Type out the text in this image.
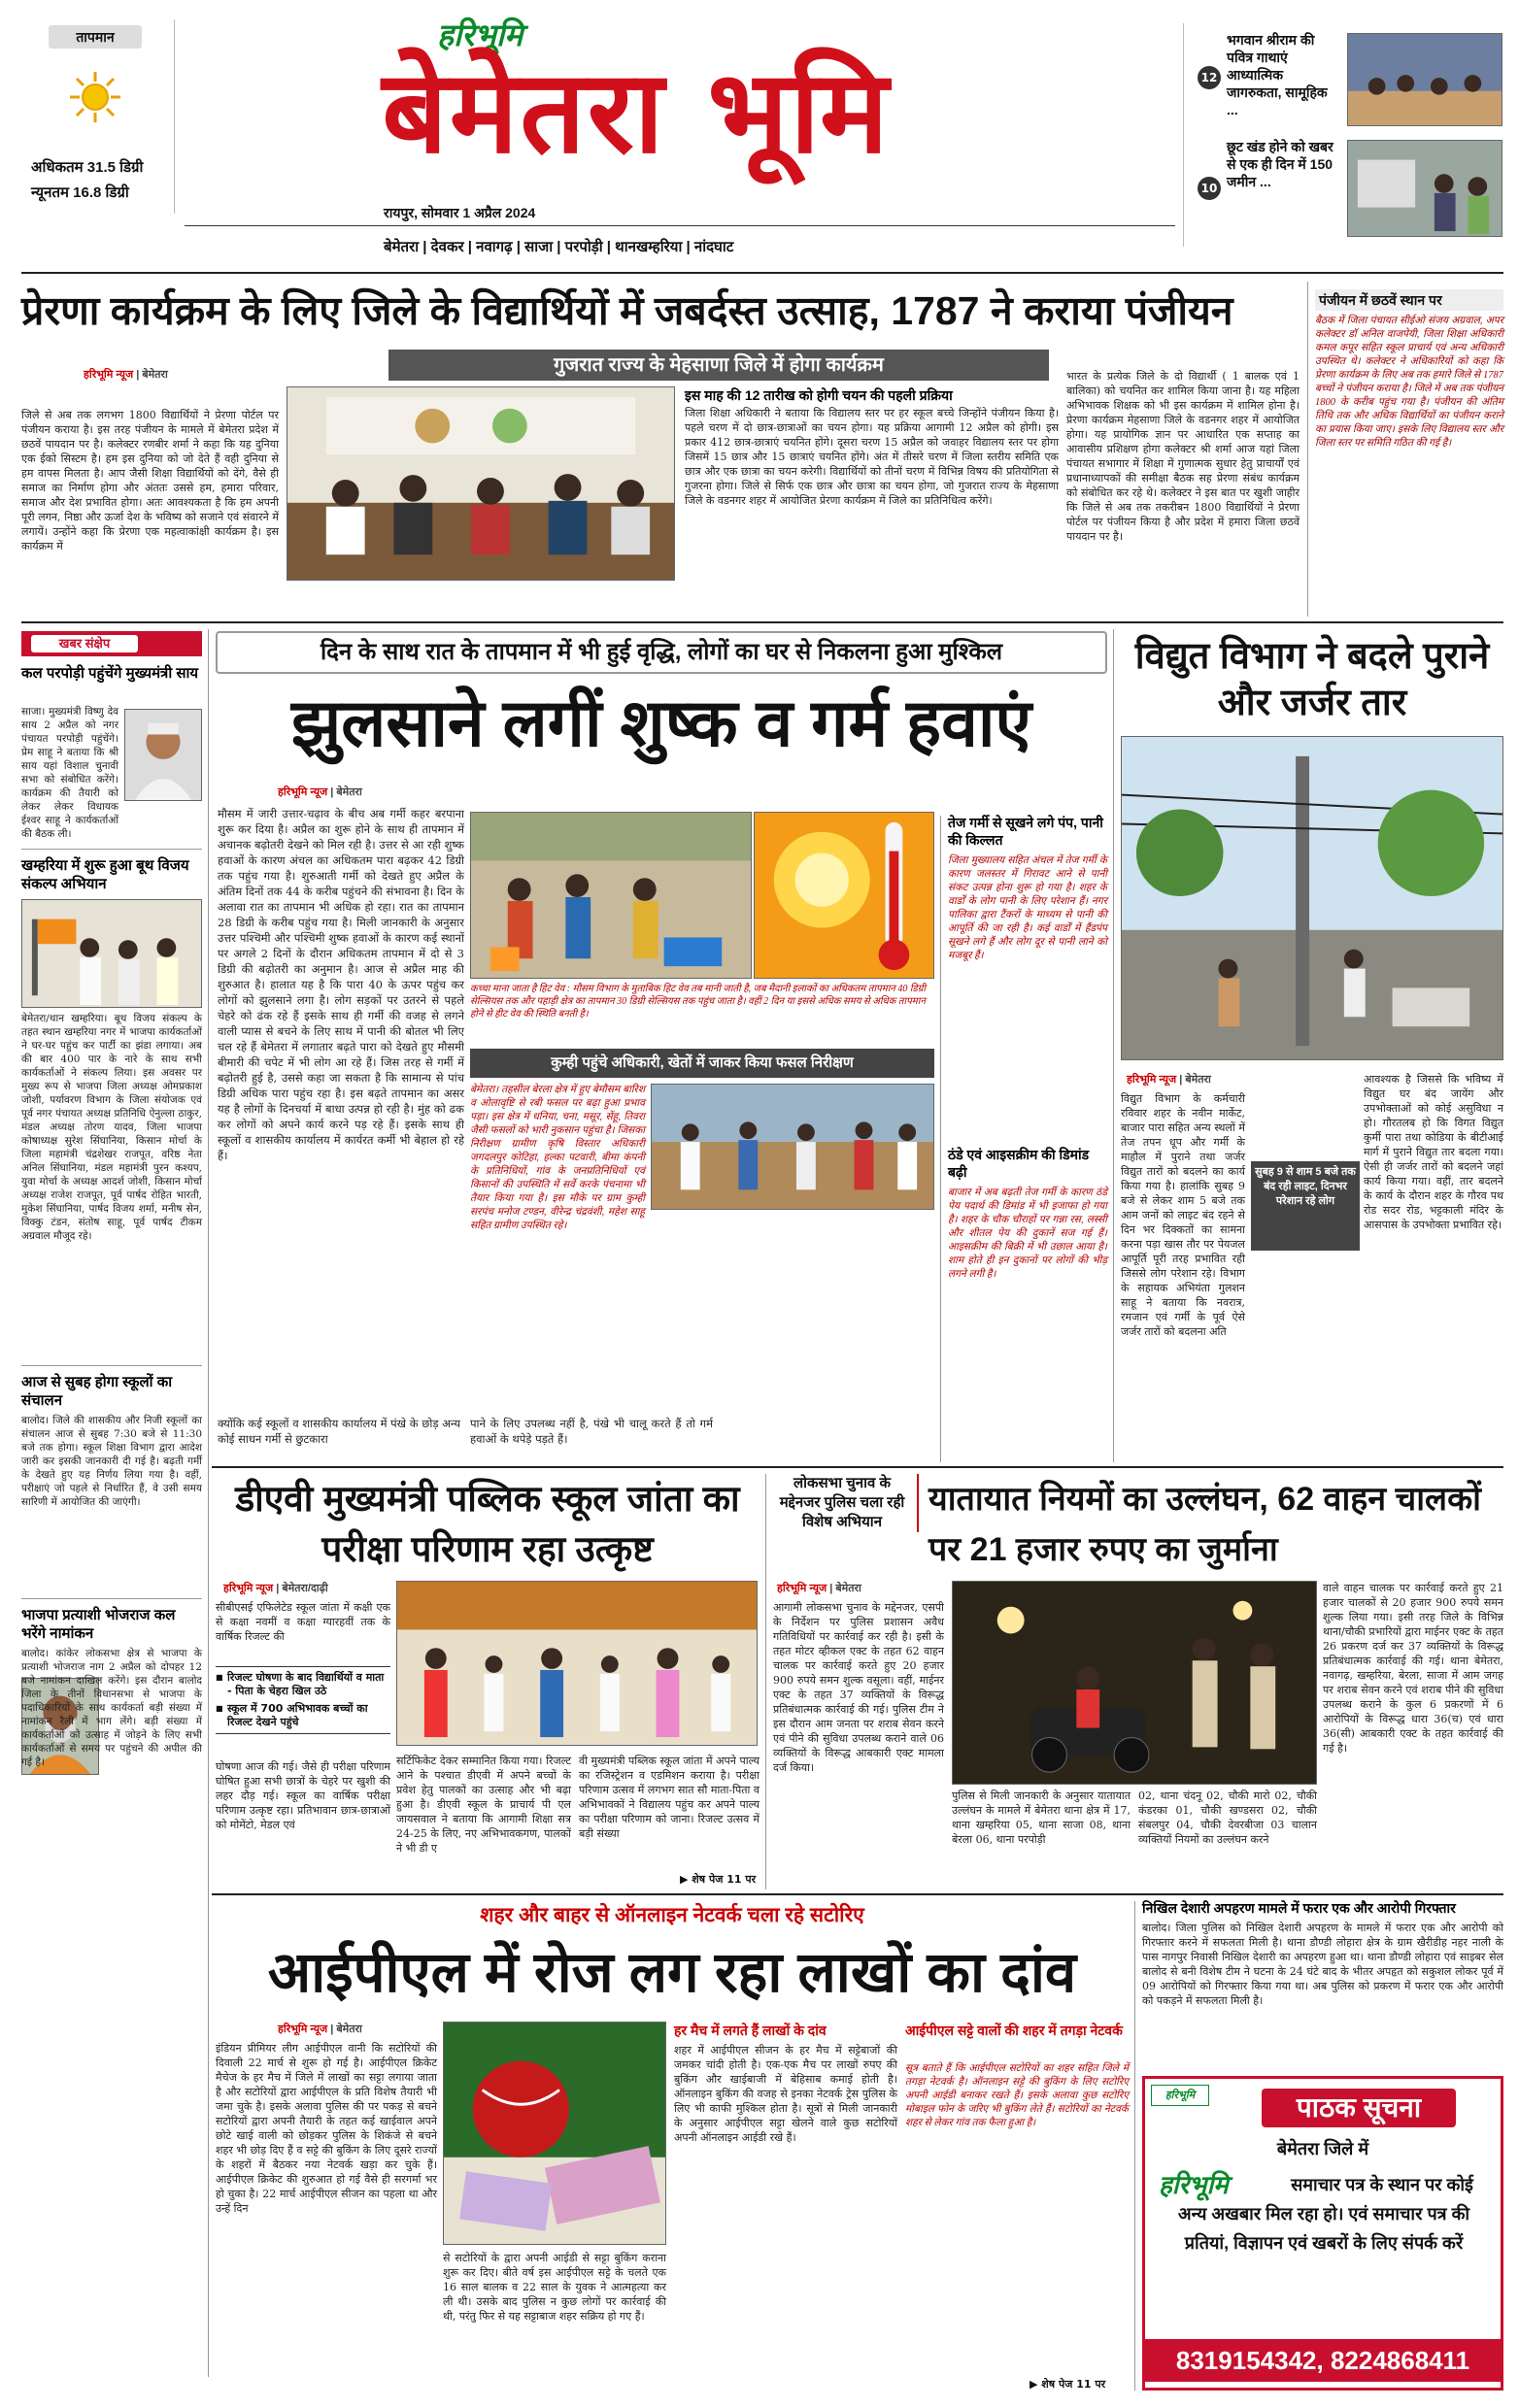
तापमान
अधिकतम 31.5 डिग्री
न्यूनतम 16.8 डिग्री
हरिभूमि
बेमेतरा भूमि
रायपुर, सोमवार 1 अप्रैल 2024
बेमेतरा | देवकर | नवागढ़ | साजा | परपोड़ी | थानखम्हरिया | नांदघाट
12
भगवान श्रीराम की पवित्र गाथाएं आध्यात्मिक जागरुकता, सामूहिक ...
10
छूट खंड होने को खबर से एक ही दिन में 150 जमीन ...
प्रेरणा कार्यक्रम के लिए जिले के विद्यार्थियों में जबर्दस्त उत्साह, 1787 ने कराया पंजीयन
गुजरात राज्य के मेहसाणा जिले में होगा कार्यक्रम
हरिभूमि न्यूज | बेमेतरा
जिले से अब तक लगभग 1800 विद्यार्थियों ने प्रेरणा पोर्टल पर पंजीयन कराया है। इस तरह पंजीयन के मामले में बेमेतरा प्रदेश में छठवें पायदान पर है। कलेक्टर रणबीर शर्मा ने कहा कि यह दुनिया एक ईको सिस्टम है। हम इस दुनिया को जो देते हैं वही दुनिया से हम वापस मिलता है। आप जैसी शिक्षा विद्यार्थियों को देंगे, वैसे ही समाज का निर्माण होगा और अंततः उससे हम, हमारा परिवार, समाज और देश प्रभावित होगा। अतः आवश्यकता है कि हम अपनी पूरी लगन, निष्ठा और ऊर्जा देश के भविष्य को सजाने एवं संवारने में लगायें। उन्होंने कहा कि प्रेरणा एक महत्वाकांक्षी कार्यक्रम है। इस कार्यक्रम में
इस माह की 12 तारीख को होगी चयन की पहली प्रक्रिया
जिला शिक्षा अधिकारी ने बताया कि विद्यालय स्तर पर हर स्कूल बच्चे जिन्होंने पंजीयन किया है। पहले चरण में दो छात्र-छात्राओं का चयन होगा। यह प्रक्रिया आगामी 12 अप्रैल को होगी। इस प्रकार 412 छात्र-छात्राएं चयनित होंगे। दूसरा चरण 15 अप्रैल को जवाहर विद्यालय स्तर पर होगा जिसमें 15 छात्र और 15 छात्राएं चयनित होंगे। अंत में तीसरे चरण में जिला स्तरीय समिति एक छात्र और एक छात्रा का चयन करेगी। विद्यार्थियों को तीनों चरण में विभिन्न विषय की प्रतियोगिता से गुजरना होगा। जिले से सिर्फ एक छात्र और छात्रा का चयन होगा, जो गुजरात राज्य के मेहसाणा जिले के वडनगर शहर में आयोजित प्रेरणा कार्यक्रम में जिले का प्रतिनिधित्व करेंगे।
भारत के प्रत्येक जिले के दो विद्यार्थी ( 1 बालक एवं 1 बालिका) को चयनित कर शामिल किया जाना है। यह महिला अभिभावक शिक्षक को भी इस कार्यक्रम में शामिल होना है। प्रेरणा कार्यक्रम मेहसाणा जिले के वडनगर शहर में आयोजित होगा। यह प्रायोगिक ज्ञान पर आधारित एक सप्ताह का आवासीय प्रशिक्षण होगा कलेक्टर श्री शर्मा आज यहां जिला पंचायत सभागार में शिक्षा में गुणात्मक सुधार हेतु प्राचार्यों एवं प्रधानाध्यापकों की समीक्षा बैठक सह प्रेरणा संबंध कार्यक्रम को संबोधित कर रहे थे। कलेक्टर ने इस बात पर खुशी जाहीर कि जिले से अब तक तकरीबन 1800 विद्यार्थियों ने प्रेरणा पोर्टल पर पंजीयन किया है और प्रदेश में हमारा जिला छठवें पायदान पर है।
पंजीयन में छठवें स्थान पर
बैठक में जिला पंचायत सीईओ संजय अग्रवाल, अपर कलेक्टर डॉ अनिल वाजपेयी, जिला शिक्षा अधिकारी कमल कपूर सहित स्कूल प्राचार्य एवं अन्य अधिकारी उपस्थित थे। कलेक्टर ने अधिकारियों को कहा कि प्रेरणा कार्यक्रम के लिए अब तक हमारे जिले से 1787 बच्चों ने पंजीयन कराया है। जिले में अब तक पंजीयन 1800 के करीब पहुंच गया है। पंजीयन की अंतिम तिथि तक और अधिक विद्यार्थियों का पंजीयन कराने का प्रयास किया जाए। इसके लिए विद्यालय स्तर और जिला स्तर पर समिति गठित की गई है।
खबर संक्षेप
कल परपोड़ी पहुंचेंगे मुख्यमंत्री साय
साजा। मुख्यमंत्री विष्णु देव साय 2 अप्रैल को नगर पंचायत परपोड़ी पहुंचेंगे। प्रेम साहू ने बताया कि श्री साय यहां विशाल चुनावी सभा को संबोधित करेंगे। कार्यक्रम की तैयारी को लेकर लेकर विधायक ईश्वर साहू ने कार्यकर्ताओं की बैठक ली।
खम्हरिया में शुरू हुआ बूथ विजय संकल्प अभियान
बेमेतरा/थान खम्हरिया। बूथ विजय संकल्प के तहत स्थान खम्हरिया नगर में भाजपा कार्यकर्ताओं ने घर-घर पहुंच कर पार्टी का झंडा लगाया। अब की बार 400 पार के नारे के साथ सभी कार्यकर्ताओं ने संकल्प लिया। इस अवसर पर मुख्य रूप से भाजपा जिला अध्यक्ष ओमप्रकाश जोशी, पर्यावरण विभाग के जिला संयोजक एवं पूर्व नगर पंचायत अध्यक्ष प्रतिनिधि ऐनुल्ला ठाकुर, मंडल अध्यक्ष तोरण यादव, जिला भाजपा कोषाध्यक्ष सुरेश सिंघानिया, किसान मोर्चा के जिला महामंत्री चंद्रशेखर राजपूत, वरिष्ठ नेता अनिल सिंघानिया, मंडल महामंत्री पुरन कश्यप, युवा मोर्चा के अध्यक्ष आदर्श जोशी, किसान मोर्चा अध्यक्ष राजेश राजपूत, पूर्व पार्षद रोहित भारती, मुकेश सिंघानिया, पार्षद विजय शर्मा, मनीष सेन, विक्कु टंडन, संतोष साहू, पूर्व पार्षद टीकम अग्रवाल मौजूद रहे।
आज से सुबह होगा स्कूलों का संचालन
बालोद। जिले की शासकीय और निजी स्कूलों का संचालन आज से सुबह 7:30 बजे से 11:30 बजे तक होगा। स्कूल शिक्षा विभाग द्वारा आदेश जारी कर इसकी जानकारी दी गई है। बढ़ती गर्मी के देखते हुए यह निर्णय लिया गया है। वहीं, परीक्षाएं जो पहले से निर्धारित हैं, वे उसी समय सारिणी में आयोजित की जाएंगी।
भाजपा प्रत्याशी भोजराज कल भरेंगे नामांकन
बालोद। कांकेर लोकसभा क्षेत्र से भाजपा के प्रत्याशी भोजराज नाग 2 अप्रैल को दोपहर 12 बजे नामांकन दाखिल करेंगे। इस दौरान बालोद जिला के तीनों विधानसभा से भाजपा के पदाधिकारियों के साथ कार्यकर्ता बड़ी संख्या में नामांकन रैली में भाग लेंगे। बड़ी संख्या में कार्यकर्ताओं को उत्साह में जोड़ने के लिए सभी कार्यकर्ताओं से समय पर पहुंचने की अपील की गई है।
दिन के साथ रात के तापमान में भी हुई वृद्धि, लोगों का घर से निकलना हुआ मुश्किल
झुलसाने लगीं शुष्क व गर्म हवाएं
हरिभूमि न्यूज | बेमेतरा
मौसम में जारी उत्तार-चढ़ाव के बीच अब गर्मी कहर बरपाना शुरू कर दिया है। अप्रैल का शुरू होने के साथ ही तापमान में अचानक बढ़ोतरी देखने को मिल रही है। उत्तर से आ रही शुष्क हवाओं के कारण अंचल का अधिकतम पारा बढ़कर 42 डिग्री तक पहुंच गया है। शुरुआती गर्मी को देखते हुए अप्रैल के अंतिम दिनों तक 44 के करीब पहुंचने की संभावना है। दिन के अलावा रात का तापमान भी अधिक हो रहा। रात का तापमान 28 डिग्री के करीब पहुंच गया है। मिली जानकारी के अनुसार उत्तर पश्चिमी और पश्चिमी शुष्क हवाओं के कारण कई स्थानों पर अगले 2 दिनों के दौरान अधिकतम तापमान में दो से 3 डिग्री की बढ़ोतरी का अनुमान है। आज से अप्रैल माह की शुरुआत है। हालात यह है कि पारा 40 के ऊपर पहुंच कर लोगों को झुलसाने लगा है। लोग सड़कों पर उतरने से पहले चेहरे को ढंक रहे हैं इसके साथ ही गर्मी की वजह से लगने वाली प्यास से बचने के लिए साथ में पानी की बोतल भी लिए चल रहे हैं बेमेतरा में लगातार बढ़ते पारा को देखते हुए मौसमी बीमारी की चपेट में भी लोग आ रहे हैं। जिस तरह से गर्मी में बढ़ोतरी हुई है, उससे कहा जा सकता है कि सामान्य से पांच डिग्री अधिक पारा पहुंच रहा है। इस बढ़ते तापमान का असर यह है लोगों के दिनचर्या में बाधा उत्पन्न हो रही है। मुंह को ढक कर लोगों को अपने कार्य करने पड़ रहे हैं। इसके साथ ही स्कूलों व शासकीय कार्यालय में कार्यरत कर्मी भी बेहाल हो रहे हैं।
कच्चा माना जाता है हिट वेव : मौसम विभाग के मुताबिक हिट वेव तब मानी जाती है, जब मैदानी इलाकों का अधिकतम तापमान 40 डिग्री सेल्सियस तक और पहाड़ी क्षेत्र का तापमान 30 डिग्री सेल्सियस तक पहुंच जाता है। वहीं 2 दिन या इससे अधिक समय से अधिक तापमान होने से हीट वेव की स्थिति बनती है।
कुम्ही पहुंचे अधिकारी, खेतों में जाकर किया फसल निरीक्षण
बेमेतरा। तहसील बेरला क्षेत्र में हुए बेमौसम बारिश व ओलावृष्टि से रबी फसल पर बढ़ा हुआ प्रभाव पड़ा। इस क्षेत्र में धनिया, चना, मसूर, सेंहू, तिवरा जैसी फसलों को भारी नुकसान पहुंचा है। जिसका निरीक्षण ग्रामीण कृषि विस्तार अधिकारी जगदलपुर कोटिहा, हल्का पटवारी, बीमा कंपनी के प्रतिनिधियों, गांव के जनप्रतिनिधियों एवं किसानों की उपस्थिति में सर्वे करके पंचनामा भी तैयार किया गया है। इस मौके पर ग्राम कुम्ही सरपंच मनोज टण्डन, वीरेन्द्र चंद्रवंशी, महेश साहू सहित ग्रामीण उपस्थित रहे।
क्योंकि कई स्कूलों व शासकीय कार्यालय में पंखे के छोड़ अन्य कोई साधन गर्मी से छुटकारा
पाने के लिए उपलब्ध नहीं है, पंखे भी चालू करते हैं तो गर्म हवाओं के थपेड़े पड़ते हैं।
तेज गर्मी से सूखने लगे पंप, पानी की किल्लत
जिला मुख्यालय सहित अंचल में तेज गर्मी के कारण जलस्तर में गिरावट आने से पानी संकट उत्पन्न होना शुरू हो गया है। शहर के वार्डों के लोग पानी के लिए परेशान हैं। नगर पालिका द्वारा टैंकरों के माध्यम से पानी की आपूर्ति की जा रही है। कई वार्डों में हैंडपंप सूखने लगे हैं और लोग दूर से पानी लाने को मजबूर हैं।
ठंडे एवं आइसक्रीम की डिमांड बढ़ी
बाजार में अब बढ़ती तेज गर्मी के कारण ठंडे पेय पदार्थ की डिमांड में भी इजाफा हो गया है। शहर के चौक चौराहों पर गन्ना रस, लस्सी और शीतल पेय की दुकानें सज गई हैं। आइसक्रीम की बिक्री में भी उछाल आया है। शाम होते ही इन दुकानों पर लोगों की भीड़ लगने लगी है।
विद्युत विभाग ने बदले पुराने और जर्जर तार
हरिभूमि न्यूज | बेमेतरा
विद्युत विभाग के कर्मचारी रविवार शहर के नवीन मार्केट, बाजार पारा सहित अन्य स्थलों में तेज तपन धूप और गर्मी के माहौल में पुराने तथा जर्जर विद्युत तारों को बदलने का कार्य किया गया है। हालांकि सुबह 9 बजे से लेकर शाम 5 बजे तक आम जनों को लाइट बंद रहने से दिन भर दिक्कतों का सामना करना पड़ा खास तौर पर पेयजल आपूर्ति पूरी तरह प्रभावित रही जिससे लोग परेशान रहे। विभाग के सहायक अभियंता गुलशन साहू ने बताया कि नवरात्र, रमजान एवं गर्मी के पूर्व ऐसे जर्जर तारों को बदलना अति
सुबह 9 से शाम 5 बजे तक बंद रही लाइट, दिनभर परेशान रहे लोग
आवश्यक है जिससे कि भविष्य में विद्युत घर बंद जायेंग और उपभोक्ताओं को कोई असुविधा न हो। गौरतलब हो कि विगत विद्युत कुर्मी पारा तथा कोडिया के बीटीआई मार्ग में पुराने विद्युत तार बदला गया। ऐसी ही जर्जर तारों को बदलने जहां कार्य किया गया। वहीं, तार बदलने के कार्य के दौरान शहर के गौरव पथ रोड सदर रोड, भट्टकाली मंदिर के आसपास के उपभोक्ता प्रभावित रहे।
डीएवी मुख्यमंत्री पब्लिक स्कूल जांता का परीक्षा परिणाम रहा उत्कृष्ट
हरिभूमि न्यूज | बेमेतरा/दाढ़ी
सीबीएसई एफिलेटेड स्कूल जांता में कक्षी एक से कक्षा नवमीं व कक्षा ग्यारहवीं तक के वार्षिक रिजल्ट की
■ रिजल्ट घोषणा के बाद विद्यार्थियों व माता - पिता के चेहरा खिल उठे
■ स्कूल में 700 अभिभावक बच्चों का रिजल्ट देखने पहुंचे
घोषणा आज की गई। जैसे ही परीक्षा परिणाम घोषित हुआ सभी छात्रों के चेहरे पर खुशी की लहर दौड़ गई। स्कूल का वार्षिक परीक्षा परिणाम उत्कृष्ट रहा। प्रतिभावान छात्र-छात्राओं को मोमेंटो, मेडल एवं
सर्टिफिकेट देकर सम्मानित किया गया। रिजल्ट आने के पश्चात डीएवी में अपने बच्चों के प्रवेश हेतु पालकों का उत्साह और भी बढ़ा हुआ है। डीएवी स्कूल के प्राचार्य पी एल जायसवाल ने बताया कि आगामी शिक्षा सत्र 24-25 के लिए, नए अभिभावकगण, पालकों ने भी डी ए
वी मुख्यमंत्री पब्लिक स्कूल जांता में अपने पाल्य का रजिस्ट्रेशन व एडमिशन कराया है। परीक्षा परिणाम उत्सव में लगभग सात सौ माता-पिता व अभिभावकों ने विद्यालय पहुंच कर अपने पाल्य का परीक्षा परिणाम को जाना। रिजल्ट उत्सव में बड़ी संख्या
▶ शेष पेज 11 पर
लोकसभा चुनाव के मद्देनजर पुलिस चला रही विशेष अभियान
यातायात नियमों का उल्लंघन, 62 वाहन चालकों पर 21 हजार रुपए का जुर्माना
हरिभूमि न्यूज | बेमेतरा
आगामी लोकसभा चुनाव के मद्देनजर, एसपी के निर्देशन पर पुलिस प्रशासन अवैध गतिविधियों पर कार्रवाई कर रही है। इसी के तहत मोटर व्हीकल एक्ट के तहत 62 वाहन चालक पर कार्रवाई करते हुए 20 हजार 900 रुपये समन शुल्क वसूला। वहीं, माईनर एक्ट के तहत 37 व्यक्तियों के विरूद्ध प्रतिबंधात्मक कार्रवाई की गई। पुलिस टीम ने इस दौरान आम जनता पर शराब सेवन करने एवं पीने की सुविधा उपलब्ध कराने वाले 06 व्यक्तियों के विरूद्ध आबकारी एक्ट मामला दर्ज किया।
पुलिस से मिली जानकारी के अनुसार यातायात उल्लंघन के मामले में बेमेतरा थाना क्षेत्र में 17, थाना खम्हरिया 05, थाना साजा 08, थाना बेरला 06, थाना परपोड़ी
02, थाना चंदनू 02, चौकी मारो 02, चौकी कंडरका 01, चौकी खण्डसरा 02, चौकी संबलपुर 04, चौकी देवरबीजा 03 चालान व्यक्तियों नियमों का उल्लंघन करने
वाले वाहन चालक पर कार्रवाई करते हुए 21 हजार चालकों से 20 हजार 900 रुपये समन शुल्क लिया गया। इसी तरह जिले के विभिन्न थाना/चौकी प्रभारियों द्वारा माईनर एक्ट के तहत 26 प्रकरण दर्ज कर 37 व्यक्तियों के विरूद्ध प्रतिबंधात्मक कार्रवाई की गई। थाना बेमेतरा, नवागढ़, खम्हरिया, बेरला, साजा में आम जगह पर शराब सेवन करने एवं शराब पीने की सुविधा उपलब्ध कराने के कुल 6 प्रकरणों में 6 आरोपियों के विरूद्ध धारा 36(च) एवं धारा 36(सी) आबकारी एक्ट के तहत कार्रवाई की गई है।
शहर और बाहर से ऑनलाइन नेटवर्क चला रहे सटोरिए
आईपीएल में रोज लग रहा लाखों का दांव
हरिभूमि न्यूज | बेमेतरा
इंडियन प्रीमियर लीग आईपीएल वानी कि सटोरियों की दिवाली 22 मार्च से शुरू हो गई है। आईपीएल क्रिकेट मैचेज के हर मैच में जिले में लाखों का सट्टा लगाया जाता है और सटोरियों द्वारा आईपीएल के प्रति विशेष तैयारी भी जमा चुके है। इसके अलावा पुलिस की पर पकड़ से बचने सटोरियों द्वारा अपनी तैयारी के तहत कई खाईवाल अपने छोटे खाई वाली को छोड़कर पुलिस के शिकंजे से बचने शहर भी छोड़ दिए हैं व सट्टे की बुकिंग के लिए दूसरे राज्यों के शहरों में बैठकर नया नेटवर्क खड़ा कर चुके हैं। आईपीएल क्रिकेट की शुरुआत हो गई वैसे ही सरगर्मा भर हो चुका है। 22 मार्च आईपीएल सीजन का पहला था और उन्हें दिन
से सटोरियों के द्वारा अपनी आईडी से सट्टा बुकिंग कराना शुरू कर दिए। बीते वर्ष इस आईपीएल सट्टे के चलते एक 16 साल बालक व 22 साल के युवक ने आत्महत्या कर ली थी। उसके बाद पुलिस न कुछ लोगों पर कार्रवाई की थी, परंतु फिर से यह सट्टाबाज शहर सक्रिय हो गए हैं।
हर मैच में लगते हैं लाखों के दांव
शहर में आईपीएल सीजन के हर मैच में सट्टेबाजों की जमकर चांदी होती है। एक-एक मैच पर लाखों रुपए की बुकिंग और खाईबाजी में बेहिसाब कमाई होती है। ऑनलाइन बुकिंग की वजह से इनका नेटवर्क ट्रेस पुलिस के लिए भी काफी मुश्किल होता है। सूत्रों से मिली जानकारी के अनुसार आईपीएल सट्टा खेलने वाले कुछ सटोरियों अपनी ऑनलाइन आईडी रखे हैं।
आईपीएल सट्टे वालों की शहर में तगड़ा नेटवर्क
सूत्र बताते हैं कि आईपीएल सटोरियों का शहर सहित जिले में तगड़ा नेटवर्क है। ऑनलाइन सट्टे की बुकिंग के लिए सटोरिए अपनी आईडी बनाकर रखते हैं। इसके अलावा कुछ सटोरिए मोबाइल फोन के जरिए भी बुकिंग लेते हैं। सटोरियों का नेटवर्क शहर से लेकर गांव तक फैला हुआ है।
▶ शेष पेज 11 पर
निखिल देशारी अपहरण मामले में फरार एक और आरोपी गिरफ्तार
बालोद। जिला पुलिस को निखिल देशारी अपहरण के मामले में फरार एक और आरोपी को गिरफ्तार करने में सफलता मिली है। थाना डौण्डी लोहारा क्षेत्र के ग्राम खैरीडीह नहर नाली के पास नागपुर निवासी निखिल देशारी का अपहरण हुआ था। थाना डौण्डी लोहारा एवं साइबर सेल बालोद से बनी विशेष टीम ने घटना के 24 घंटे बाद के भीतर अपहृत को सकुशल लोकर पूर्व में 09 आरोपियों को गिरफ्तार किया गया था। अब पुलिस को प्रकरण में फरार एक और आरोपी को पकड़ने में सफलता मिली है।
हरिभूमि	पाठक सूचना
बेमेतरा जिले में
हरिभूमि	समाचार पत्र के स्थान पर कोई अन्य अखबार मिल रहा हो। एवं समाचार पत्र की प्रतियां, विज्ञापन एवं खबरों के लिए संपर्क करें
8319154342, 8224868411
